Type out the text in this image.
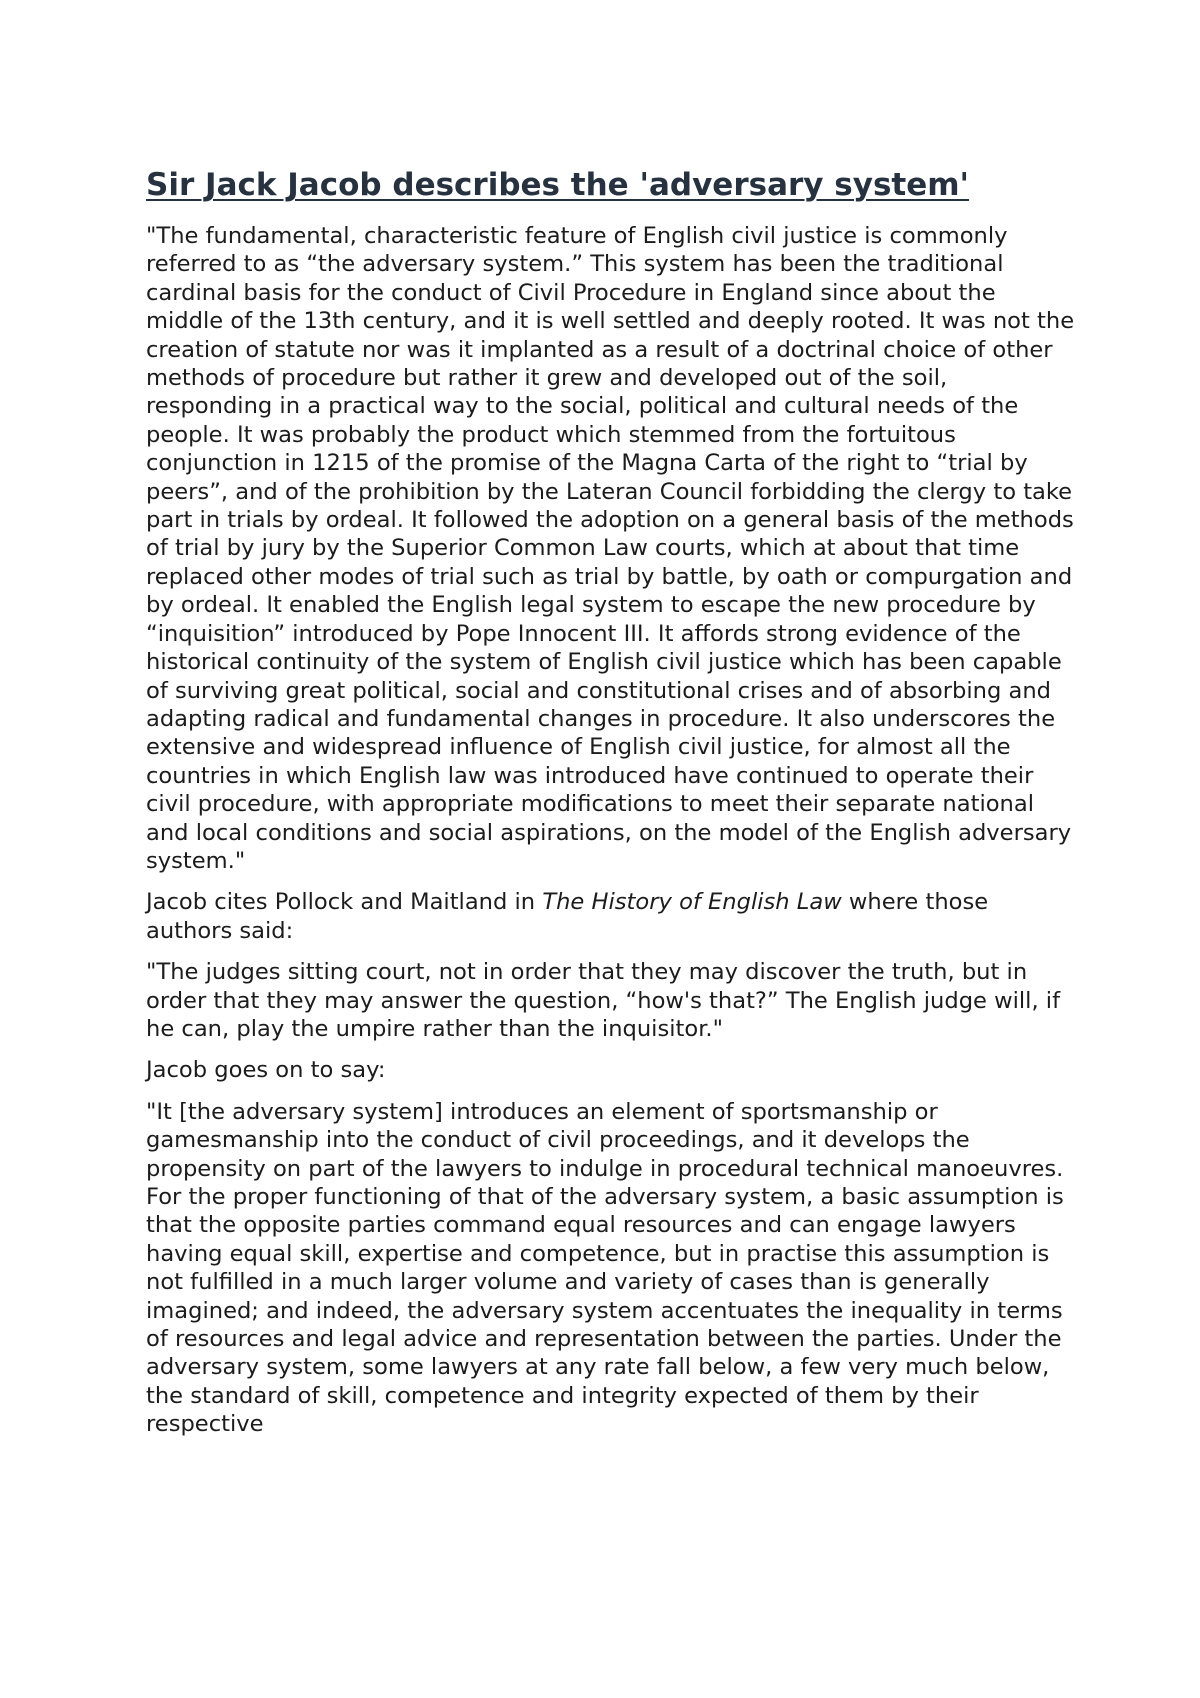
Sir Jack Jacob describes the 'adversary system'

"The fundamental, characteristic feature of English civil justice is commonly referred to as “the adversary system.” This system has been the traditional cardinal basis for the conduct of Civil Procedure in England since about the middle of the 13th century, and it is well settled and deeply rooted. It was not the creation of statute nor was it implanted as a result of a doctrinal choice of other methods of procedure but rather it grew and developed out of the soil, responding in a practical way to the social, political and cultural needs of the people. It was probably the product which stemmed from the fortuitous conjunction in 1215 of the promise of the Magna Carta of the right to “trial by peers”, and of the prohibition by the Lateran Council forbidding the clergy to take part in trials by ordeal. It followed the adoption on a general basis of the methods of trial by jury by the Superior Common Law courts, which at about that time replaced other modes of trial such as trial by battle, by oath or compurgation and by ordeal. It enabled the English legal system to escape the new procedure by “inquisition” introduced by Pope Innocent III. It affords strong evidence of the historical continuity of the system of English civil justice which has been capable of surviving great political, social and constitutional crises and of absorbing and adapting radical and fundamental changes in procedure. It also underscores the extensive and widespread influence of English civil justice, for almost all the countries in which English law was introduced have continued to operate their civil procedure, with appropriate modifications to meet their separate national and local conditions and social aspirations, on the model of the English adversary system."

Jacob cites Pollock and Maitland in The History of English Law where those authors said:

"The judges sitting court, not in order that they may discover the truth, but in order that they may answer the question, “how's that?” The English judge will, if he can, play the umpire rather than the inquisitor."

Jacob goes on to say:

"It [the adversary system] introduces an element of sportsmanship or gamesmanship into the conduct of civil proceedings, and it develops the propensity on part of the lawyers to indulge in procedural technical manoeuvres. For the proper functioning of that of the adversary system, a basic assumption is that the opposite parties command equal resources and can engage lawyers having equal skill, expertise and competence, but in practise this assumption is not fulfilled in a much larger volume and variety of cases than is generally imagined; and indeed, the adversary system accentuates the inequality in terms of resources and legal advice and representation between the parties. Under the adversary system, some lawyers at any rate fall below, a few very much below, the standard of skill, competence and integrity expected of them by their respective
